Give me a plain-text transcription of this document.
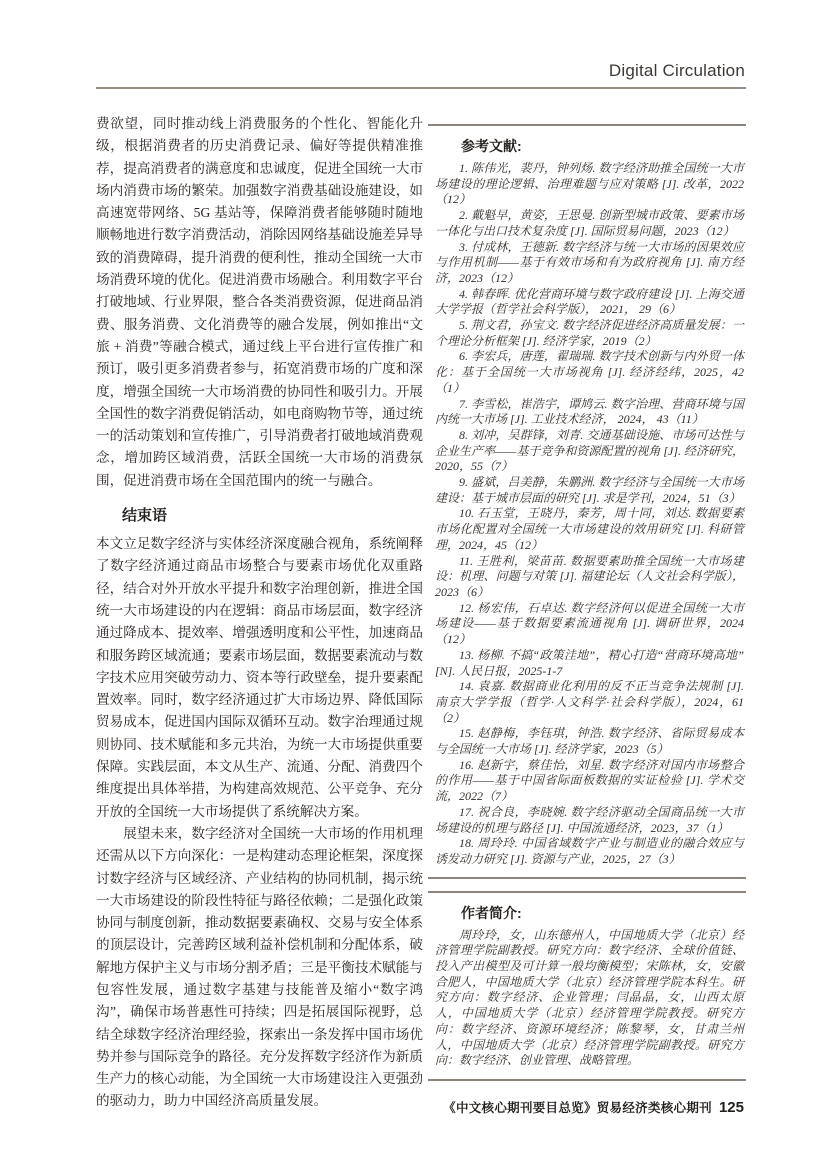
Digital Circulation

费欲望，同时推动线上消费服务的个性化、智能化升级，根据消费者的历史消费记录、偏好等提供精准推荐，提高消费者的满意度和忠诚度，促进全国统一大市场内消费市场的繁荣。加强数字消费基础设施建设，如高速宽带网络、5G 基站等，保障消费者能够随时随地顺畅地进行数字消费活动，消除因网络基础设施差异导致的消费障碍，提升消费的便利性，推动全国统一大市场消费环境的优化。促进消费市场融合。利用数字平台打破地域、行业界限，整合各类消费资源，促进商品消费、服务消费、文化消费等的融合发展，例如推出“文旅 + 消费”等融合模式，通过线上平台进行宣传推广和预订，吸引更多消费者参与，拓宽消费市场的广度和深度，增强全国统一大市场消费的协同性和吸引力。开展全国性的数字消费促销活动，如电商购物节等，通过统一的活动策划和宣传推广，引导消费者打破地域消费观念，增加跨区域消费，活跃全国统一大市场的消费氛围，促进消费市场在全国范围内的统一与融合。

结束语

本文立足数字经济与实体经济深度融合视角，系统阐释了数字经济通过商品市场整合与要素市场优化双重路径，结合对外开放水平提升和数字治理创新，推进全国统一大市场建设的内在逻辑：商品市场层面，数字经济通过降成本、提效率、增强透明度和公平性，加速商品和服务跨区域流通；要素市场层面，数据要素流动与数字技术应用突破劳动力、资本等行政壁垒，提升要素配置效率。同时，数字经济通过扩大市场边界、降低国际贸易成本，促进国内国际双循环互动。数字治理通过规则协同、技术赋能和多元共治，为统一大市场提供重要保障。实践层面，本文从生产、流通、分配、消费四个维度提出具体举措，为构建高效规范、公平竞争、充分开放的全国统一大市场提供了系统解决方案。

展望未来，数字经济对全国统一大市场的作用机理还需从以下方向深化：一是构建动态理论框架，深度探讨数字经济与区域经济、产业结构的协同机制，揭示统一大市场建设的阶段性特征与路径依赖；二是强化政策协同与制度创新，推动数据要素确权、交易与安全体系的顶层设计，完善跨区域利益补偿机制和分配体系，破解地方保护主义与市场分割矛盾；三是平衡技术赋能与包容性发展，通过数字基建与技能普及缩小“数字鸿沟”，确保市场普惠性可持续；四是拓展国际视野，总结全球数字经济治理经验，探索出一条发挥中国市场优势并参与国际竞争的路径。充分发挥数字经济作为新质生产力的核心动能，为全国统一大市场建设注入更强劲的驱动力，助力中国经济高质量发展。

参考文献:

1. 陈伟光，裴丹，钟列炀. 数字经济助推全国统一大市场建设的理论逻辑、治理难题与应对策略 [J]. 改革，2022（12）

2. 戴魁早，黄姿，王思曼. 创新型城市政策、要素市场一体化与出口技术复杂度 [J]. 国际贸易问题，2023（12）

3. 付成林，王德新. 数字经济与统一大市场的因果效应与作用机制——基于有效市场和有为政府视角 [J]. 南方经济，2023（12）

4. 韩春晖. 优化营商环境与数字政府建设 [J]. 上海交通大学学报（哲学社会科学版）， 2021， 29（6）

5. 荆文君，孙宝文. 数字经济促进经济高质量发展：一个理论分析框架 [J]. 经济学家，2019（2）

6. 李宏兵，唐莲，翟瑞瑞. 数字技术创新与内外贸一体化：基于全国统一大市场视角 [J]. 经济经纬，2025，42（1）

7. 李雪松，崔浩宇，谭鸠云. 数字治理、营商环境与国内统一大市场 [J]. 工业技术经济， 2024， 43（11）

8. 刘冲，吴群锋，刘青. 交通基础设施、市场可达性与企业生产率——基于竞争和资源配置的视角 [J]. 经济研究，2020，55（7）

9. 盛斌，吕美静，朱鹏洲. 数字经济与全国统一大市场建设：基于城市层面的研究 [J]. 求是学刊，2024，51（3）

10. 石玉堂，王晓丹，秦芳，周十同，刘达. 数据要素市场化配置对全国统一大市场建设的效用研究 [J]. 科研管理，2024，45（12）

11. 王胜利，梁苗苗. 数据要素助推全国统一大市场建设：机理、问题与对策 [J]. 福建论坛（人文社会科学版），2023（6）

12. 杨宏伟，石卓达. 数字经济何以促进全国统一大市场建设——基于数据要素流通视角 [J]. 调研世界，2024（12）

13. 杨柳. 不搞“政策洼地”，精心打造“营商环境高地” [N]. 人民日报，2025-1-7

14. 袁嘉. 数据商业化利用的反不正当竞争法规制 [J]. 南京大学学报（哲学·人文科学·社会科学版），2024，61（2）

15. 赵静梅，李钰琪，钟浩. 数字经济、省际贸易成本与全国统一大市场 [J]. 经济学家，2023（5）

16. 赵新宇，蔡佳怡，刘星. 数字经济对国内市场整合的作用——基于中国省际面板数据的实证检验 [J]. 学术交流，2022（7）

17. 祝合良，李晓婉. 数字经济驱动全国商品统一大市场建设的机理与路径 [J]. 中国流通经济，2023，37（1）

18. 周玲玲. 中国省域数字产业与制造业的融合效应与诱发动力研究 [J]. 资源与产业，2025，27（3）

作者简介:

周玲玲，女，山东德州人，中国地质大学（北京）经济管理学院副教授。研究方向：数字经济、全球价值链、投入产出模型及可计算一般均衡模型；宋陈林，女，安徽合肥人，中国地质大学（北京）经济管理学院本科生。研究方向：数字经济、企业管理；闫晶晶，女，山西太原人，中国地质大学（北京）经济管理学院教授。研究方向：数字经济、资源环境经济；陈黎琴，女，甘肃兰州人，中国地质大学（北京）经济管理学院副教授。研究方向：数字经济、创业管理、战略管理。

《中文核心期刊要目总览》贸易经济类核心期刊 125
